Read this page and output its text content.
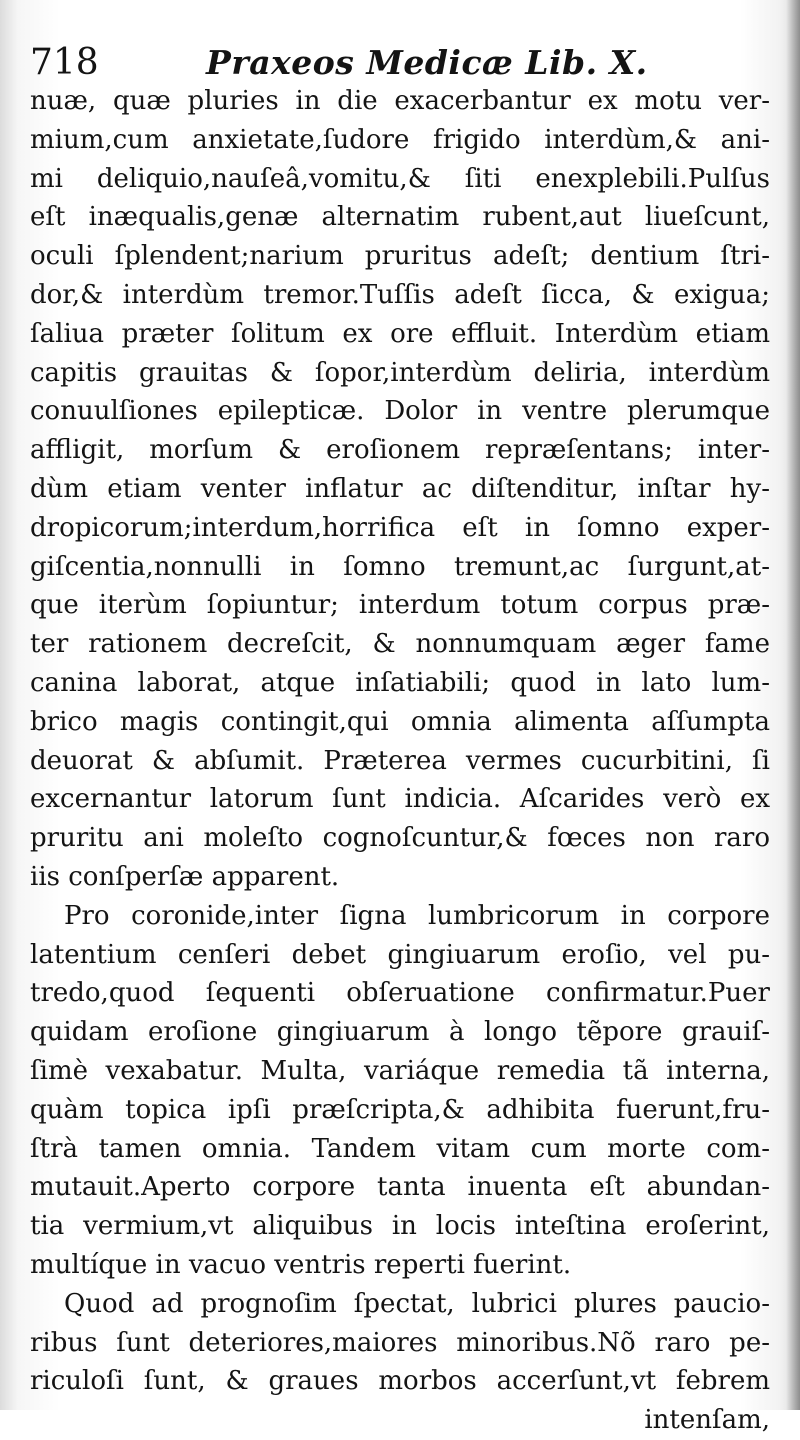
718	Praxeos Medicæ Lib. X.
nuæ, quæ pluries in die exacerbantur ex motu ver-
mium,cum anxietate,ſudore frigido interdùm,& ani-
mi deliquio,nauſeâ,vomitu,& ſiti enexplebili.Pulſus
eſt inæqualis,genæ alternatim rubent,aut liueſcunt,
oculi ſplendent;narium pruritus adeſt; dentium ſtri-
dor,& interdùm tremor.Tuſſis adeſt ſicca, & exigua;
ſaliua præter ſolitum ex ore effluit. Interdùm etiam
capitis grauitas & ſopor,interdùm deliria, interdùm
conuulſiones epilepticæ. Dolor in ventre plerumque
affligit, morſum & eroſionem repræſentans; inter-
dùm etiam venter inflatur ac diſtenditur, inſtar hy-
dropicorum;interdum,horrifica eſt in ſomno exper-
giſcentia,nonnulli in ſomno tremunt,ac ſurgunt,at-
que iterùm ſopiuntur; interdum totum corpus præ-
ter rationem decreſcit, & nonnumquam æger fame
canina laborat, atque inſatiabili; quod in lato lum-
brico magis contingit,qui omnia alimenta aſſumpta
deuorat & abſumit. Præterea vermes cucurbitini, ſi
excernantur latorum ſunt indicia. Aſcarides verò ex
pruritu ani moleſto cognoſcuntur,& fœces non raro
iis conſperſæ apparent.
Pro coronide,inter ſigna lumbricorum in corpore
latentium cenſeri debet gingiuarum eroſio, vel pu-
tredo,quod ſequenti obſeruatione confirmatur.Puer
quidam eroſione gingiuarum à longo tẽpore grauiſ-
ſimè vexabatur. Multa, variáque remedia tã interna,
quàm topica ipſi præſcripta,& adhibita fuerunt,fru-
ſtrà tamen omnia. Tandem vitam cum morte com-
mutauit.Aperto corpore tanta inuenta eſt abundan-
tia vermium,vt aliquibus in locis inteſtina eroſerint,
multíque in vacuo ventris reperti fuerint.
Quod ad prognoſim ſpectat, lubrici plures paucio-
ribus ſunt deteriores,maiores minoribus.Nõ raro pe-
riculoſi ſunt, & graues morbos accerſunt,vt febrem
intenſam,
